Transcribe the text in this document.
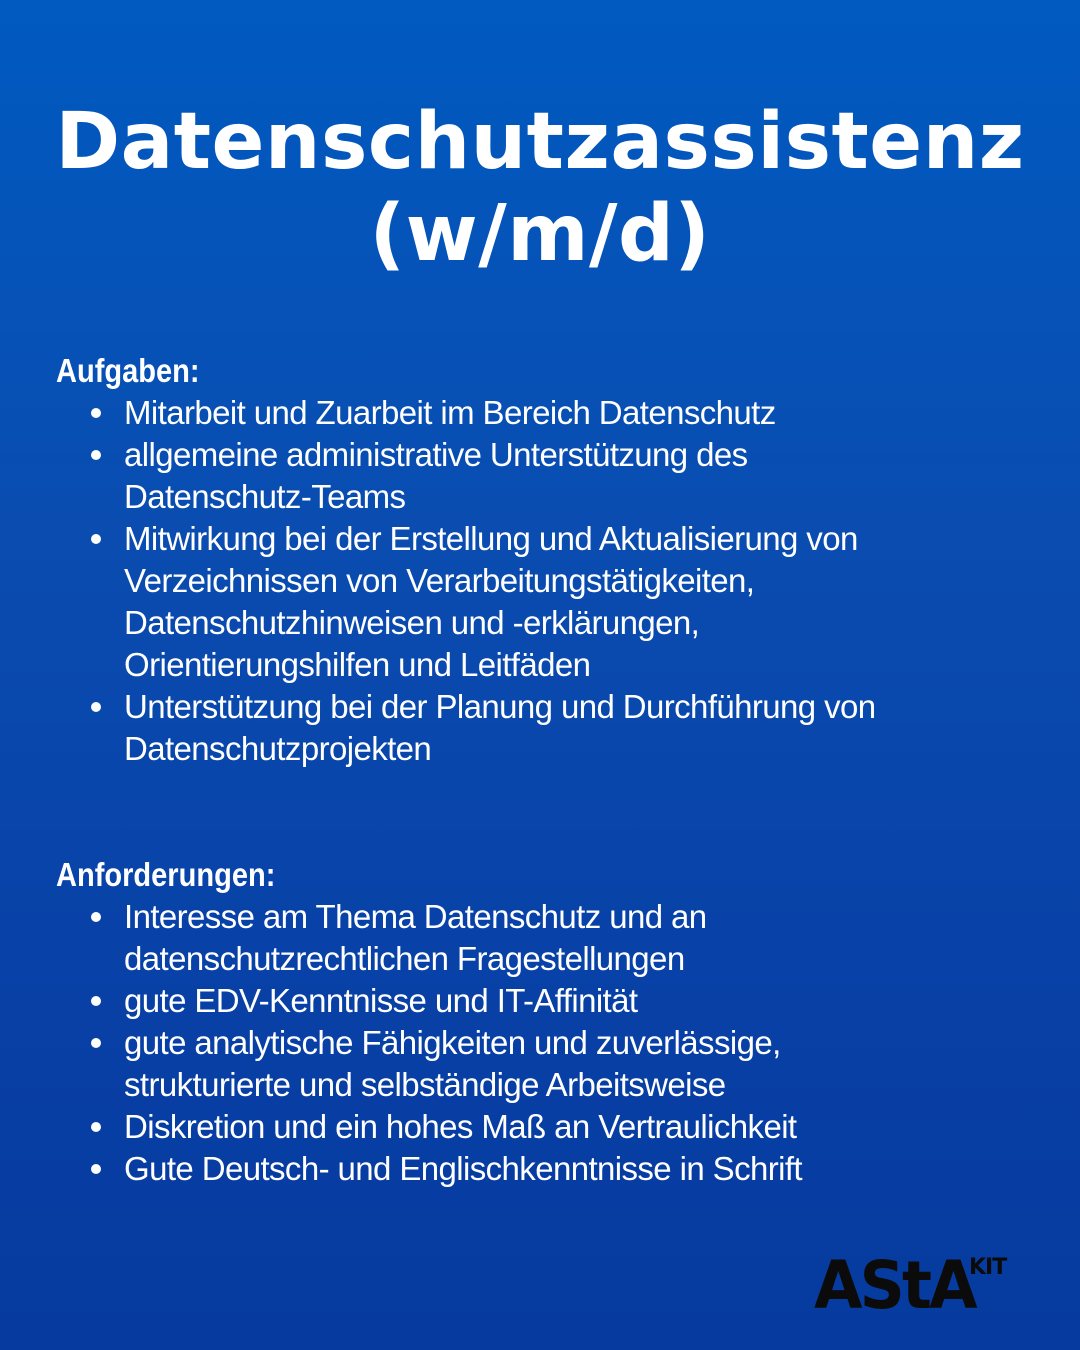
Datenschutzassistenz
(w/m/d)
Aufgaben:
Mitarbeit und Zuarbeit im Bereich Datenschutz
allgemeine administrative Unterstützung des
Datenschutz-Teams
Mitwirkung bei der Erstellung und Aktualisierung von
Verzeichnissen von Verarbeitungstätigkeiten,
Datenschutzhinweisen und -erklärungen,
Orientierungshilfen und Leitfäden
Unterstützung bei der Planung und Durchführung von
Datenschutzprojekten
Anforderungen:
Interesse am Thema Datenschutz und an
datenschutzrechtlichen Fragestellungen
gute EDV-Kenntnisse und IT-Affinität
gute analytische Fähigkeiten und zuverlässige,
strukturierte und selbständige Arbeitsweise
Diskretion und ein hohes Maß an Vertraulichkeit
Gute Deutsch- und Englischkenntnisse in Schrift
AStA
KIT
